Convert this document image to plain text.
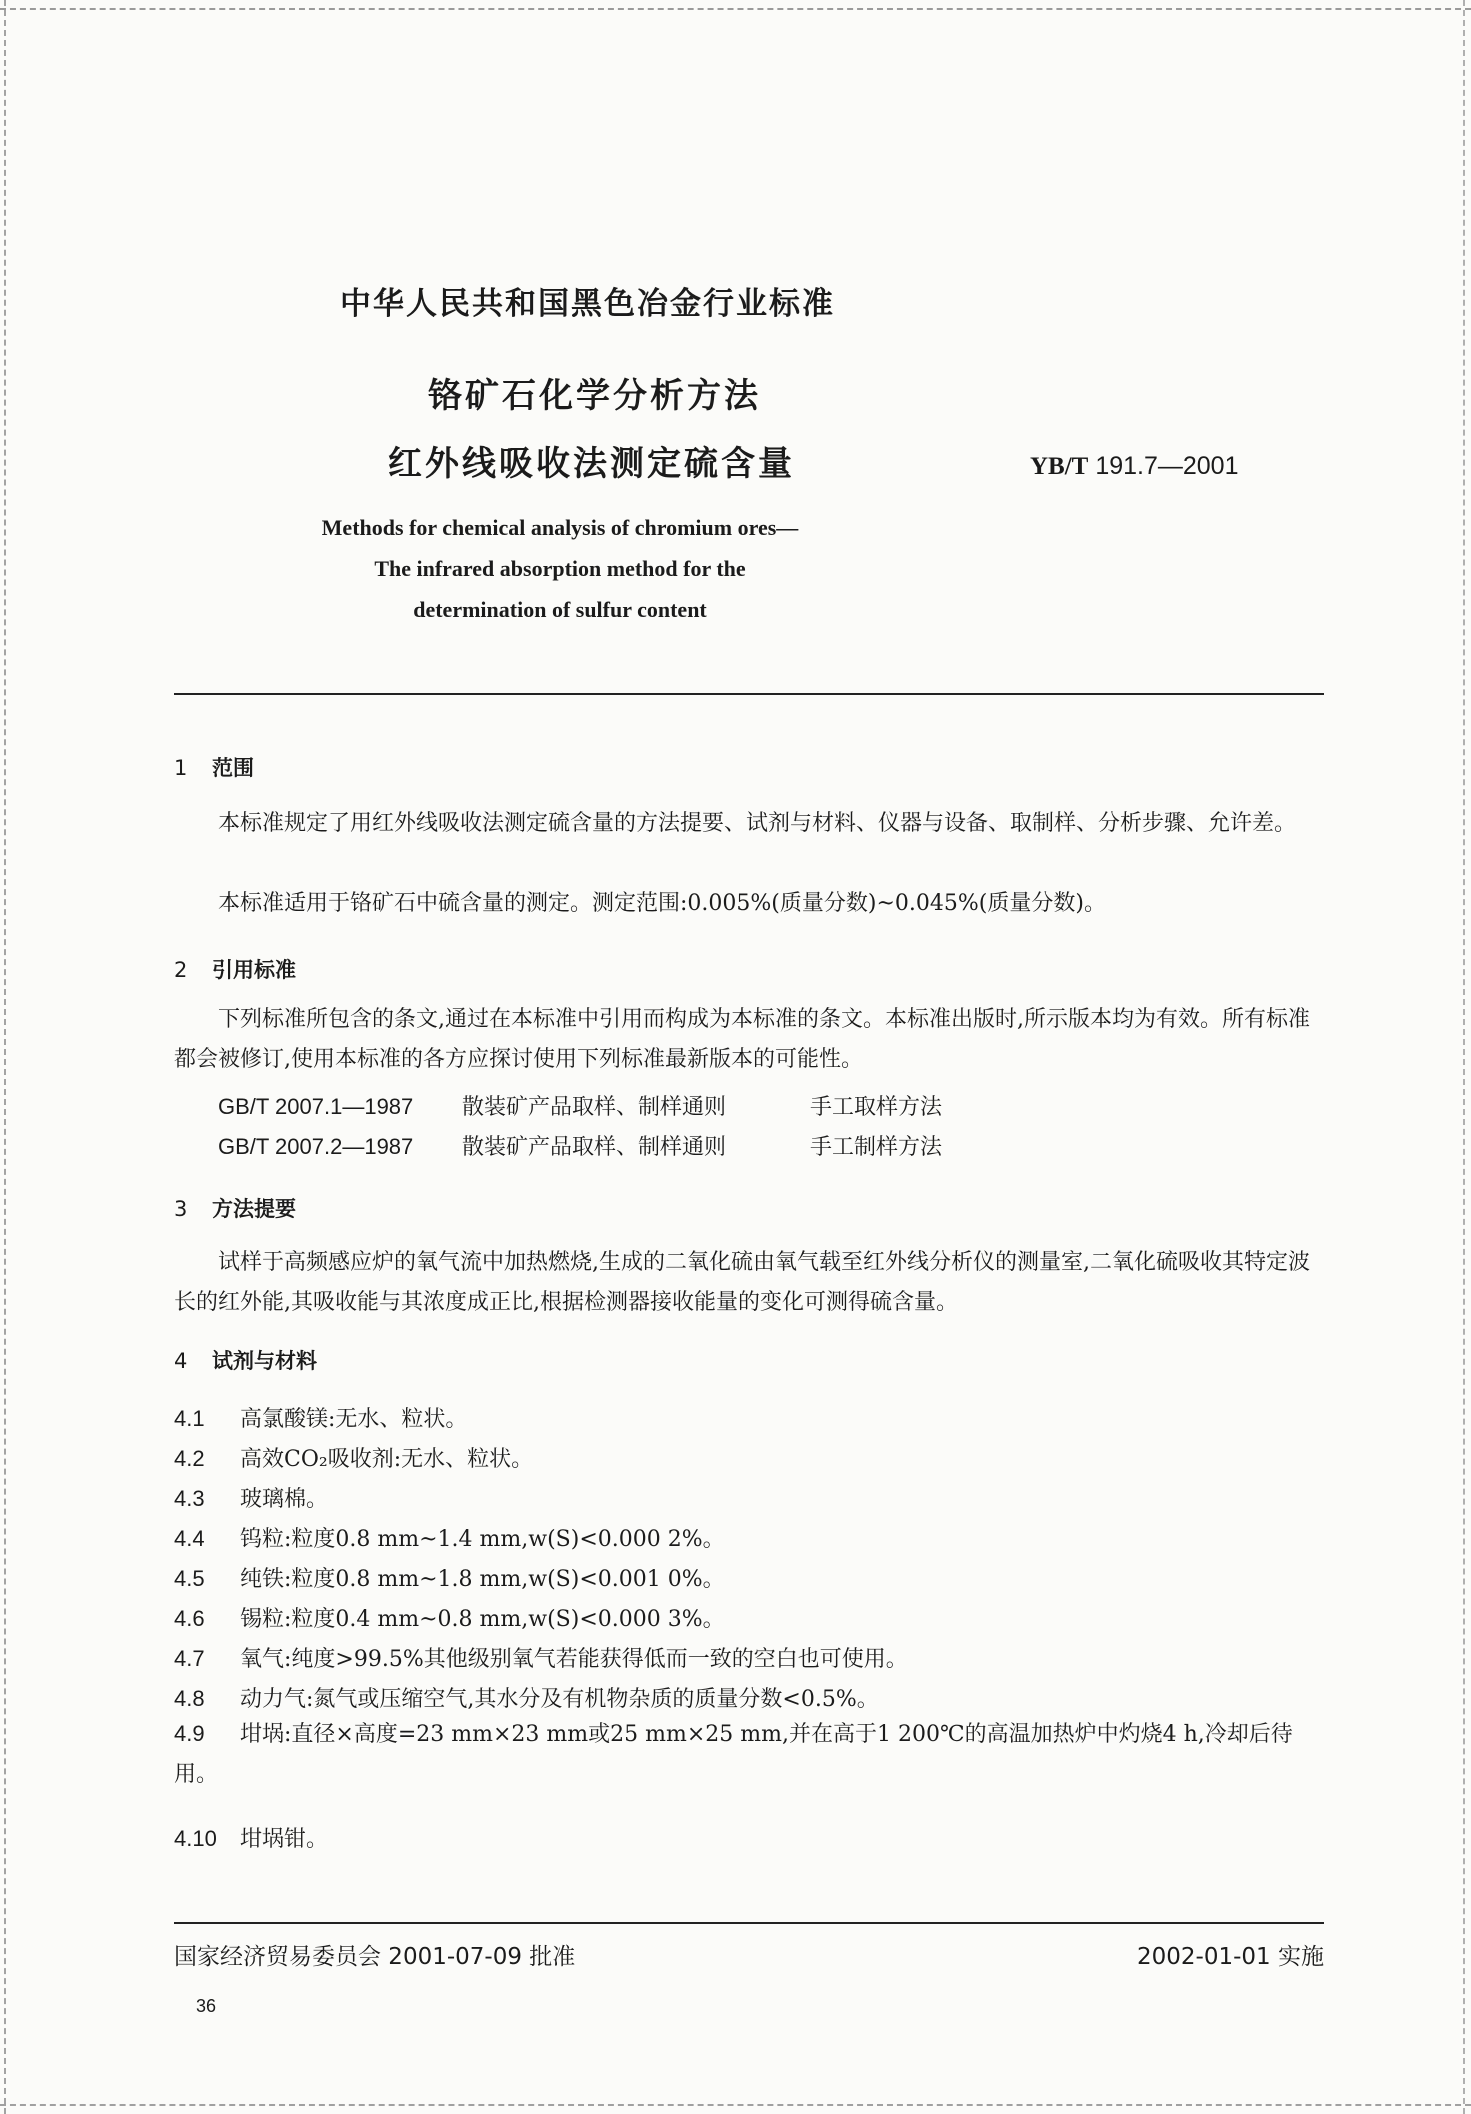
中华人民共和国黑色冶金行业标准
铬矿石化学分析方法
红外线吸收法测定硫含量	YB/T 191.7—2001
Methods for chemical analysis of chromium ores—
The infrared absorption method for the
determination of sulfur content
1 范围
本标准规定了用红外线吸收法测定硫含量的方法提要、试剂与材料、仪器与设备、取制样、分析步骤、允许差。
本标准适用于铬矿石中硫含量的测定。测定范围:0.005%(质量分数)~0.045%(质量分数)。
2 引用标准
下列标准所包含的条文,通过在本标准中引用而构成为本标准的条文。本标准出版时,所示版本均为有效。所有标准都会被修订,使用本标准的各方应探讨使用下列标准最新版本的可能性。
GB/T 2007.1—1987 散装矿产品取样、制样通则	手工取样方法
GB/T 2007.2—1987 散装矿产品取样、制样通则	手工制样方法
3 方法提要
试样于高频感应炉的氧气流中加热燃烧,生成的二氧化硫由氧气载至红外线分析仪的测量室,二氧化硫吸收其特定波长的红外能,其吸收能与其浓度成正比,根据检测器接收能量的变化可测得硫含量。
4 试剂与材料
4.1 高氯酸镁:无水、粒状。
4.2 高效CO₂吸收剂:无水、粒状。
4.3 玻璃棉。
4.4 钨粒:粒度0.8 mm~1.4 mm,w(S)<0.000 2%。
4.5 纯铁:粒度0.8 mm~1.8 mm,w(S)<0.001 0%。
4.6 锡粒:粒度0.4 mm~0.8 mm,w(S)<0.000 3%。
4.7 氧气:纯度>99.5%其他级别氧气若能获得低而一致的空白也可使用。
4.8 动力气:氮气或压缩空气,其水分及有机物杂质的质量分数<0.5%。
4.9 坩埚:直径×高度=23 mm×23 mm或25 mm×25 mm,并在高于1 200℃的高温加热炉中灼烧4 h,冷却后待用。
4.10 坩埚钳。
国家经济贸易委员会 2001-07-09 批准	2002-01-01 实施
36
